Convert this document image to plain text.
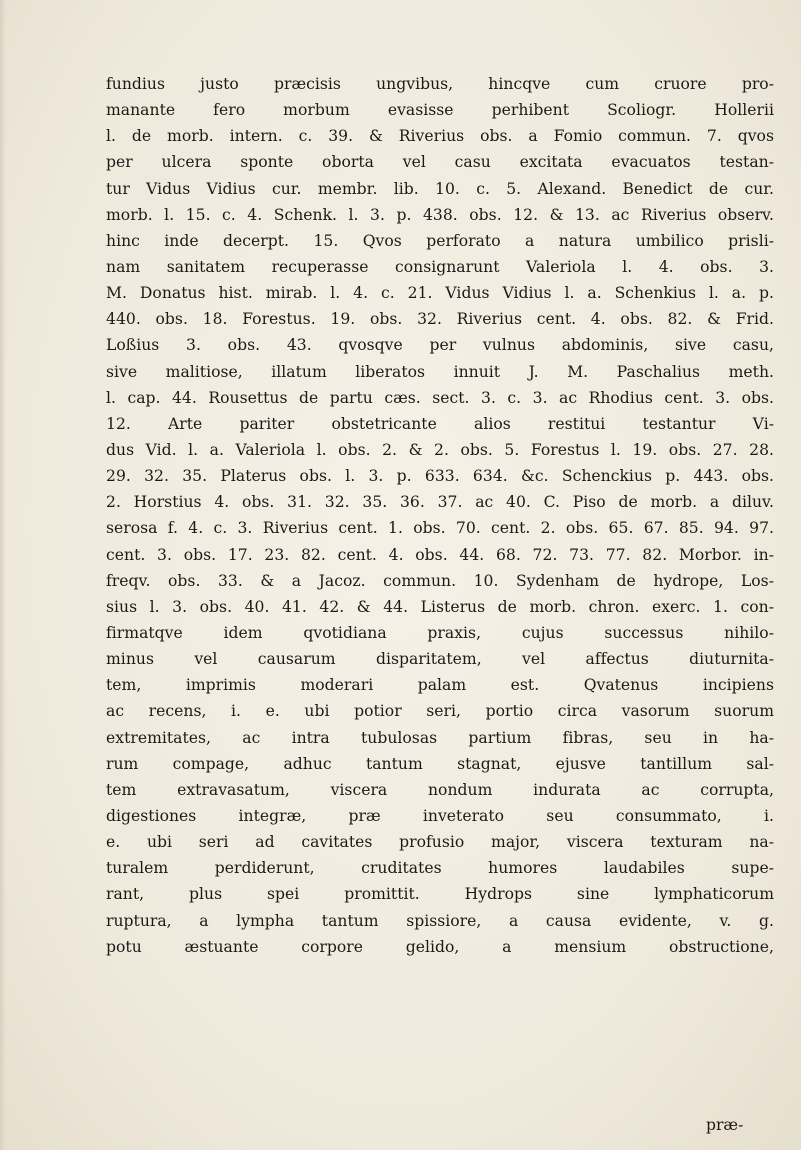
fundius justo præcisis ungvibus, hincqve cum cruore pro-
manante fero morbum evasisse perhibent Scoliogr. Hollerii
l. de morb. intern. c. 39. & Riverius obs. a Fomio commun. 7. qvos
per ulcera sponte oborta vel casu excitata evacuatos testan-
tur Vidus Vidius cur. membr. lib. 10. c. 5. Alexand. Benedict de cur.
morb. l. 15. c. 4. Schenk. l. 3. p. 438. obs. 12. & 13. ac Riverius observ.
hinc inde decerpt. 15. Qvos perforato a natura umbilico prisli-
nam sanitatem recuperasse consignarunt Valeriola l. 4. obs. 3.
M. Donatus hist. mirab. l. 4. c. 21. Vidus Vidius l. a. Schenkius l. a. p.
440. obs. 18. Forestus. 19. obs. 32. Riverius cent. 4. obs. 82. & Frid.
Loßius 3. obs. 43. qvosqve per vulnus abdominis, sive casu,
sive malitiose, illatum liberatos innuit J. M. Paschalius meth.
l. cap. 44. Rousettus de partu cæs. sect. 3. c. 3. ac Rhodius cent. 3. obs.
12. Arte pariter obstetricante alios restitui testantur Vi-
dus Vid. l. a. Valeriola l. obs. 2. & 2. obs. 5. Forestus l. 19. obs. 27. 28.
29. 32. 35. Platerus obs. l. 3. p. 633. 634. &c. Schenckius p. 443. obs.
2. Horstius 4. obs. 31. 32. 35. 36. 37. ac 40. C. Piso de morb. a diluv.
serosa f. 4. c. 3. Riverius cent. 1. obs. 70. cent. 2. obs. 65. 67. 85. 94. 97.
cent. 3. obs. 17. 23. 82. cent. 4. obs. 44. 68. 72. 73. 77. 82. Morbor. in-
freqv. obs. 33. & a Jacoz. commun. 10. Sydenham de hydrope, Los-
sius l. 3. obs. 40. 41. 42. & 44. Listerus de morb. chron. exerc. 1. con-
firmatqve idem qvotidiana praxis, cujus successus nihilo-
minus vel causarum disparitatem, vel affectus diuturnita-
tem, imprimis moderari palam est. Qvatenus incipiens
ac recens, i. e. ubi potior seri, portio circa vasorum suorum
extremitates, ac intra tubulosas partium fibras, seu in ha-
rum compage, adhuc tantum stagnat, ejusve tantillum sal-
tem extravasatum, viscera nondum indurata ac corrupta,
digestiones integræ, præ inveterato seu consummato, i.
e. ubi seri ad cavitates profusio major, viscera texturam na-
turalem perdiderunt, cruditates humores laudabiles supe-
rant, plus spei promittit. Hydrops sine lymphaticorum
ruptura, a lympha tantum spissiore, a causa evidente, v. g.
potu æstuante corpore gelido, a mensium obstructione,
præ-
